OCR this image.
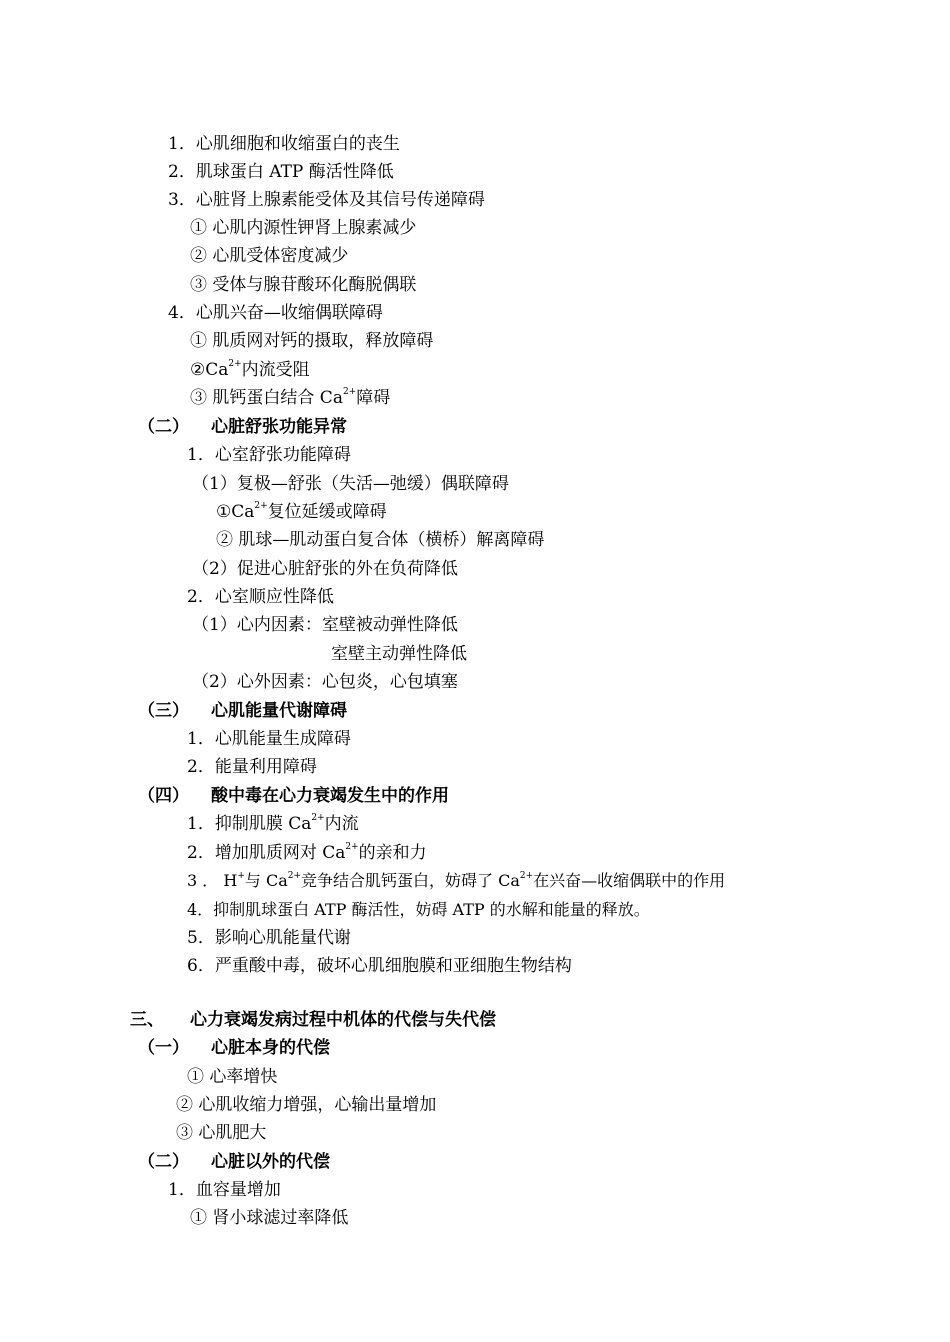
1．心肌细胞和收缩蛋白的丧生
2．肌球蛋白 ATP 酶活性降低
3．心脏肾上腺素能受体及其信号传递障碍
① 心肌内源性钾肾上腺素减少
② 心肌受体密度减少
③ 受体与腺苷酸环化酶脱偶联
4．心肌兴奋—收缩偶联障碍
① 肌质网对钙的摄取，释放障碍
$②Ca^{2+}$内流受阻
③ 肌钙蛋白结合 $Ca^{2+}$障碍
（二） 心脏舒张功能异常
1．心室舒张功能障碍
（1）复极—舒张（失活—弛缓）偶联障碍
$①Ca^{2+}$复位延缓或障碍
② 肌球—肌动蛋白复合体（横桥）解离障碍
（2）促进心脏舒张的外在负荷降低
2．心室顺应性降低
（1）心内因素：室壁被动弹性降低
室壁主动弹性降低
（2）心外因素：心包炎，心包填塞
（三） 心肌能量代谢障碍
1．心肌能量生成障碍
2．能量利用障碍
（四） 酸中毒在心力衰竭发生中的作用
1．抑制肌膜 $Ca^{2+}$内流
2．增加肌质网对 $Ca^{2+}$的亲和力
3 ． H+与 $Ca^{2+}$竞争结合肌钙蛋白，妨碍了 $Ca^{2+}$在兴奋—收缩偶联中的作用
4．抑制肌球蛋白 ATP 酶活性，妨碍 ATP 的水解和能量的释放。
5．影响心肌能量代谢
6．严重酸中毒，破坏心肌细胞膜和亚细胞生物结构
三、 心力衰竭发病过程中机体的代偿与失代偿
（一） 心脏本身的代偿
① 心率增快
② 心肌收缩力增强，心输出量增加
③ 心肌肥大
（二） 心脏以外的代偿
1．血容量增加
① 肾小球滤过率降低
